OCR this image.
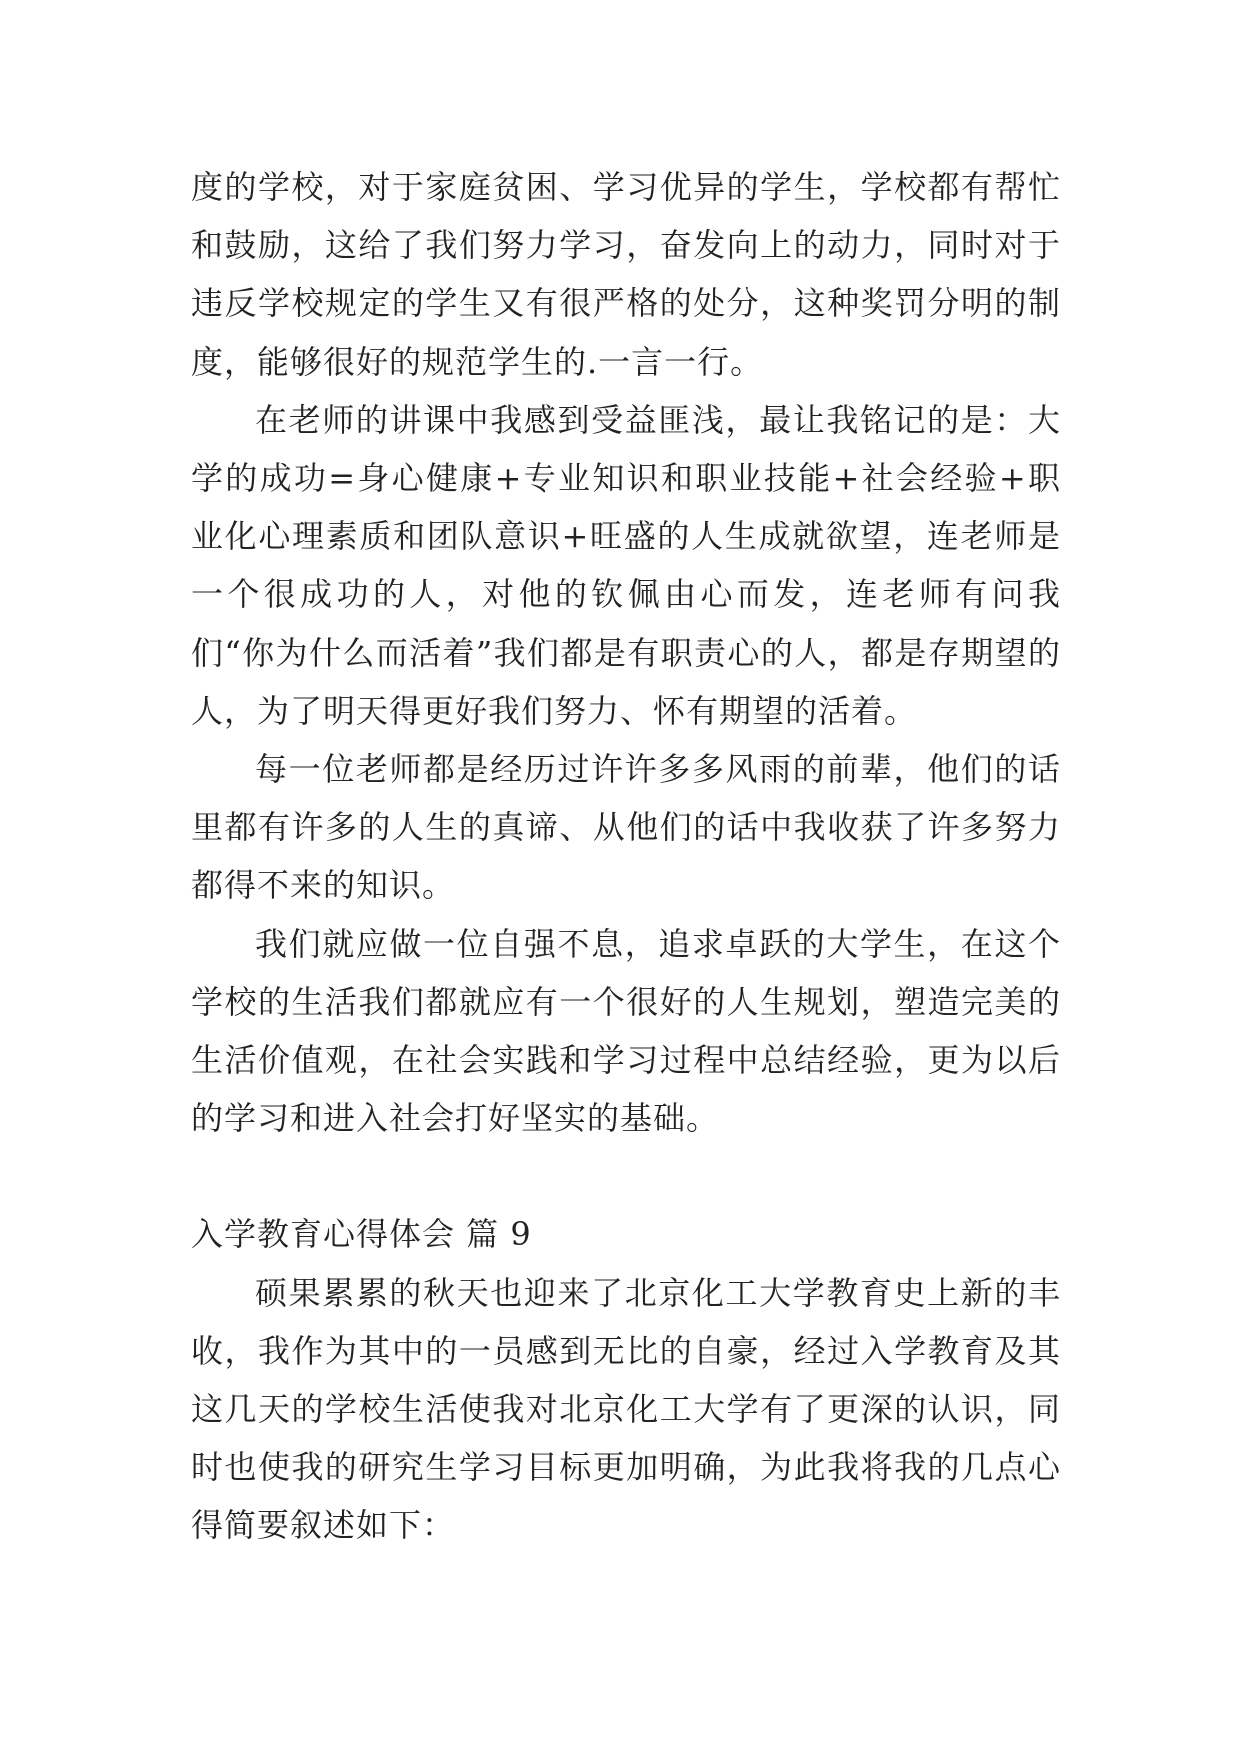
度的学校，对于家庭贫困、学习优异的学生，学校都有帮忙和鼓励，这给了我们努力学习，奋发向上的动力，同时对于违反学校规定的学生又有很严格的处分，这种奖罚分明的制度，能够很好的规范学生的.一言一行。

在老师的讲课中我感到受益匪浅，最让我铭记的是：大学的成功=身心健康+专业知识和职业技能+社会经验+职业化心理素质和团队意识+旺盛的人生成就欲望，连老师是一个很成功的人，对他的钦佩由心而发，连老师有问我们“你为什么而活着”我们都是有职责心的人，都是存期望的人，为了明天得更好我们努力、怀有期望的活着。

每一位老师都是经历过许许多多风雨的前辈，他们的话里都有许多的人生的真谛、从他们的话中我收获了许多努力都得不来的知识。

我们就应做一位自强不息，追求卓跃的大学生，在这个学校的生活我们都就应有一个很好的人生规划，塑造完美的生活价值观，在社会实践和学习过程中总结经验，更为以后的学习和进入社会打好坚实的基础。

入学教育心得体会 篇 9

硕果累累的秋天也迎来了北京化工大学教育史上新的丰收，我作为其中的一员感到无比的自豪，经过入学教育及其这几天的学校生活使我对北京化工大学有了更深的认识，同时也使我的研究生学习目标更加明确，为此我将我的几点心得简要叙述如下：
